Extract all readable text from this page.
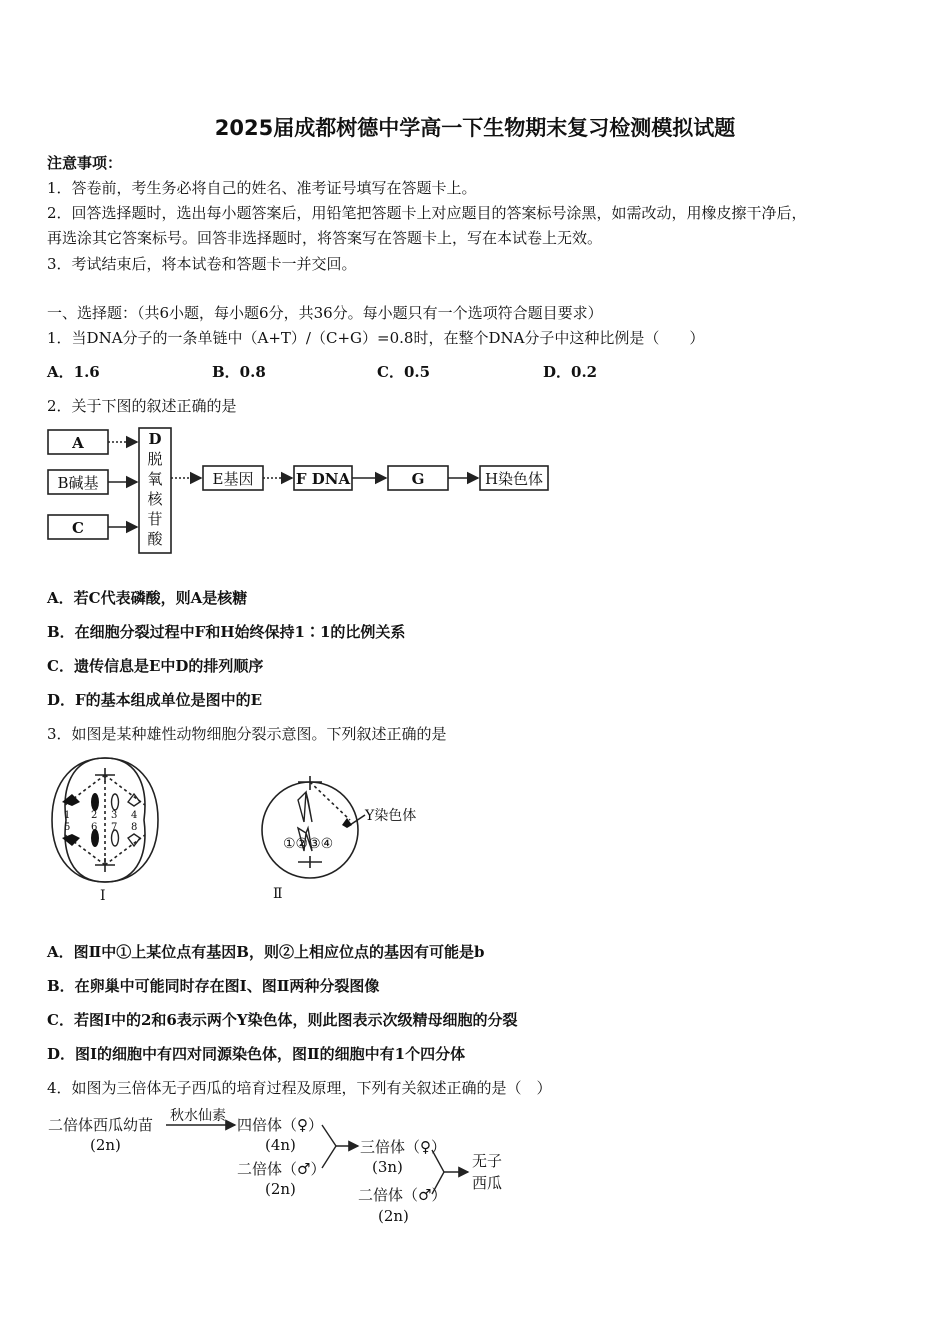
2025届成都树德中学高一下生物期末复习检测模拟试题
注意事项：
1．答卷前，考生务必将自己的姓名、准考证号填写在答题卡上。
2．回答选择题时，选出每小题答案后，用铅笔把答题卡上对应题目的答案标号涂黑，如需改动，用橡皮擦干净后，
再选涂其它答案标号。回答非选择题时，将答案写在答题卡上，写在本试卷上无效。
3．考试结束后，将本试卷和答题卡一并交回。
一、选择题：（共6小题，每小题6分，共36分。每小题只有一个选项符合题目要求）
1．当DNA分子的一条单链中（A+T）/（C+G）=0.8时，在整个DNA分子中这种比例是（　　）
A．1.6	B．0.8	C．0.5	D．0.2
2．关于下图的叙述正确的是
A
B碱基
C
D
脱
氧
核
苷
酸
E基因	F DNA	G	H染色体
A．若C代表磷酸，则A是核糖
B．在细胞分裂过程中F和H始终保持1∶1的比例关系
C．遗传信息是E中D的排列顺序
D．F的基本组成单位是图中的E
3．如图是某种雄性动物细胞分裂示意图。下列叙述正确的是
1 2 3 4
5 6 7 8
①②③④
Y染色体
Ⅰ	Ⅱ
A．图Ⅱ中①上某位点有基因B，则②上相应位点的基因有可能是b
B．在卵巢中可能同时存在图Ⅰ、图Ⅱ两种分裂图像
C．若图Ⅰ中的2和6表示两个Y染色体，则此图表示次级精母细胞的分裂
D．图Ⅰ的细胞中有四对同源染色体，图Ⅱ的细胞中有1个四分体
4．如图为三倍体无子西瓜的培育过程及原理，下列有关叙述正确的是（　）
二倍体西瓜幼苗
(2n)
秋水仙素 四倍体（♀）
(4n)
二倍体（♂）
(2n)
三倍体（♀）
(3n)
二倍体（♂）
(2n)
无子
西瓜
